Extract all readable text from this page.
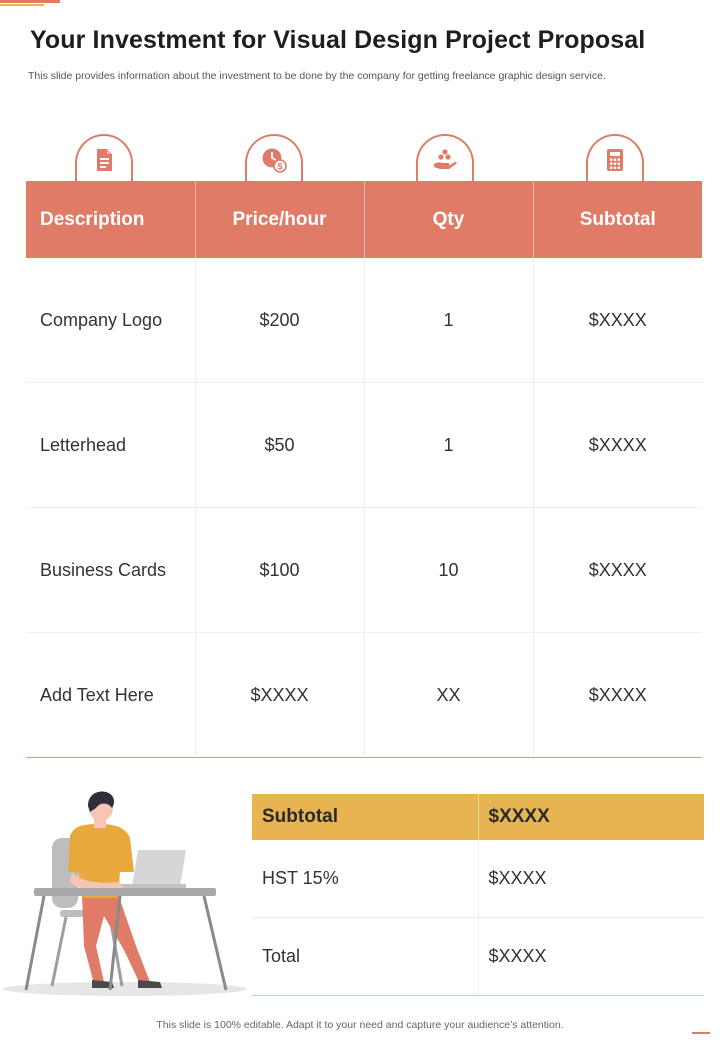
Your Investment for Visual Design Project Proposal
This slide provides information about the investment to be done by the company for getting freelance graphic design service.
$
Description	Price/hour	Qty	Subtotal
Company Logo	$200	1	$XXXX
Letterhead	$50	1	$XXXX
Business Cards	$100	10	$XXXX
Add Text Here	$XXXX	XX	$XXXX
Subtotal	$XXXX
HST 15%	$XXXX
Total	$XXXX
This slide is 100% editable. Adapt it to your need and capture your audience’s attention.
